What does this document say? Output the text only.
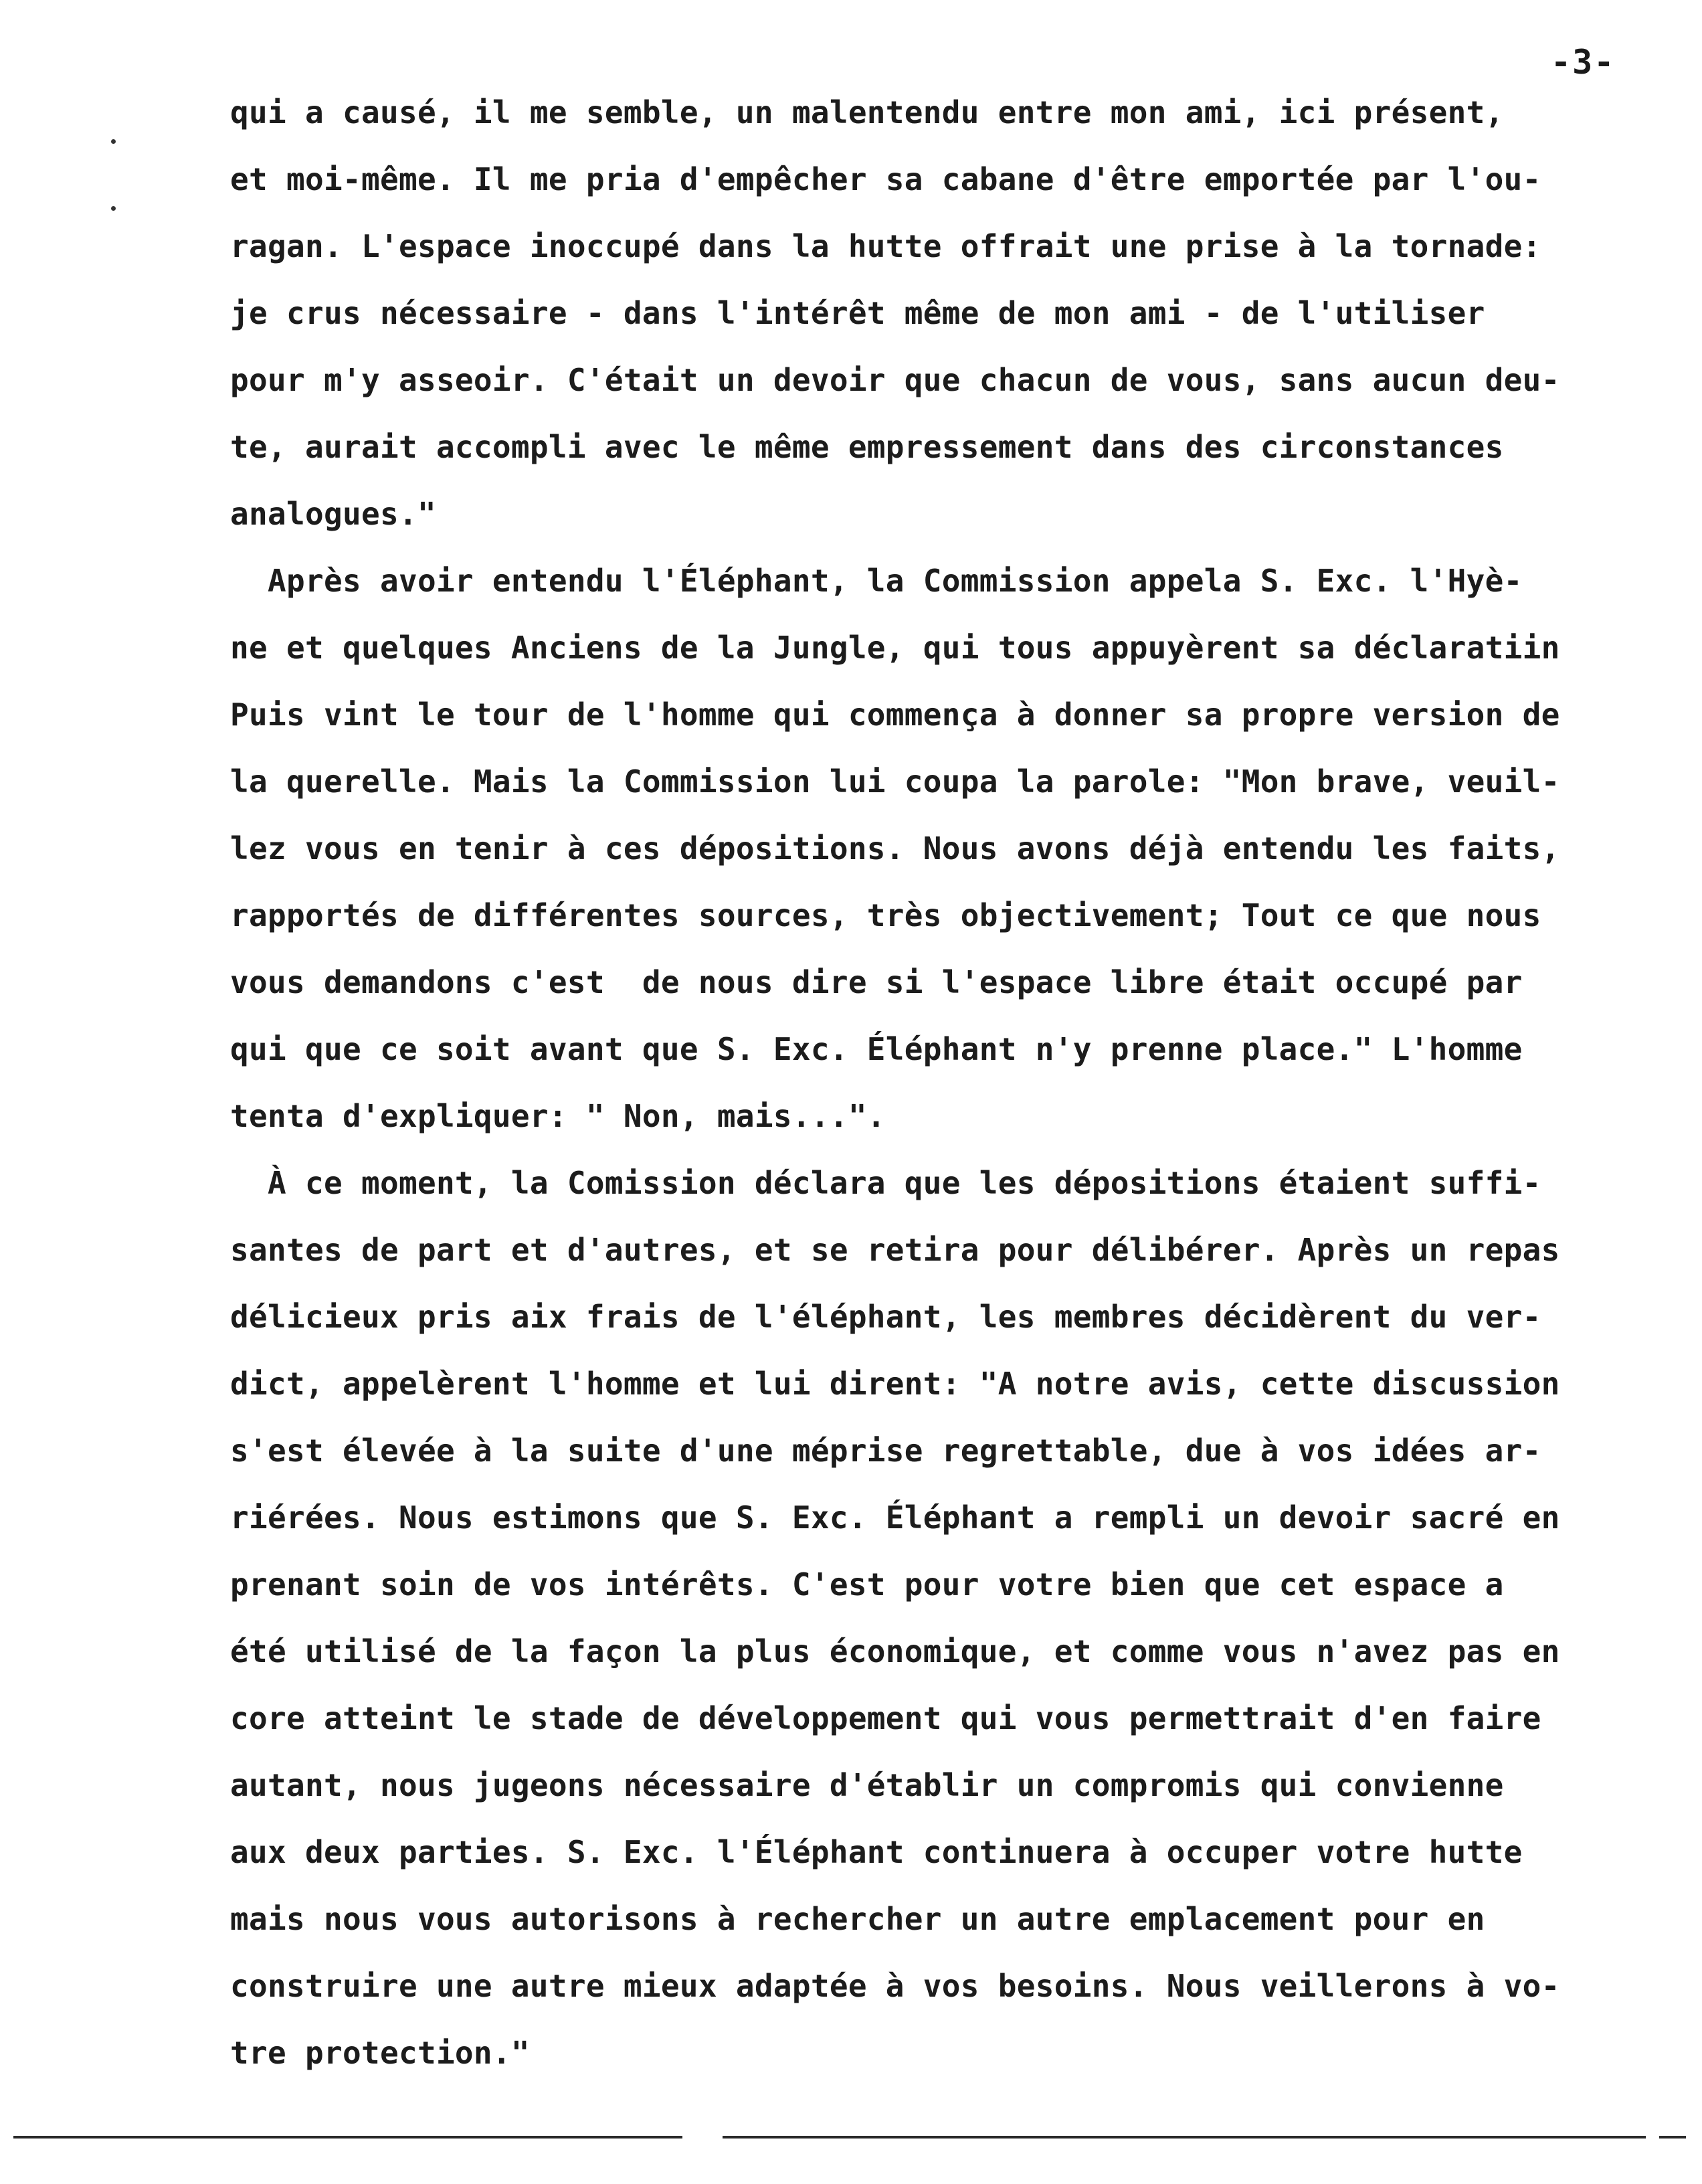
-3-
qui a causé, il me semble, un malentendu entre mon ami, ici présent,
et moi-même. Il me pria d'empêcher sa cabane d'être emportée par l'ou-
ragan. L'espace inoccupé dans la hutte offrait une prise à la tornade:
je crus nécessaire - dans l'intérêt même de mon ami - de l'utiliser
pour m'y asseoir. C'était un devoir que chacun de vous, sans aucun deu-
te, aurait accompli avec le même empressement dans des circonstances
analogues."
Après avoir entendu l'Éléphant, la Commission appela S. Exc. l'Hyè-
ne et quelques Anciens de la Jungle, qui tous appuyèrent sa déclaratiin
Puis vint le tour de l'homme qui commença à donner sa propre version de
la querelle. Mais la Commission lui coupa la parole: "Mon brave, veuil-
lez vous en tenir à ces dépositions. Nous avons déjà entendu les faits,
rapportés de différentes sources, très objectivement; Tout ce que nous
vous demandons c'est  de nous dire si l'espace libre était occupé par
qui que ce soit avant que S. Exc. Éléphant n'y prenne place." L'homme
tenta d'expliquer: " Non, mais...".
À ce moment, la Comission déclara que les dépositions étaient suffi-
santes de part et d'autres, et se retira pour délibérer. Après un repas
délicieux pris aix frais de l'éléphant, les membres décidèrent du ver-
dict, appelèrent l'homme et lui dirent: "A notre avis, cette discussion
s'est élevée à la suite d'une méprise regrettable, due à vos idées ar-
riérées. Nous estimons que S. Exc. Éléphant a rempli un devoir sacré en
prenant soin de vos intérêts. C'est pour votre bien que cet espace a
été utilisé de la façon la plus économique, et comme vous n'avez pas en
core atteint le stade de développement qui vous permettrait d'en faire
autant, nous jugeons nécessaire d'établir un compromis qui convienne
aux deux parties. S. Exc. l'Éléphant continuera à occuper votre hutte
mais nous vous autorisons à rechercher un autre emplacement pour en
construire une autre mieux adaptée à vos besoins. Nous veillerons à vo-
tre protection."
